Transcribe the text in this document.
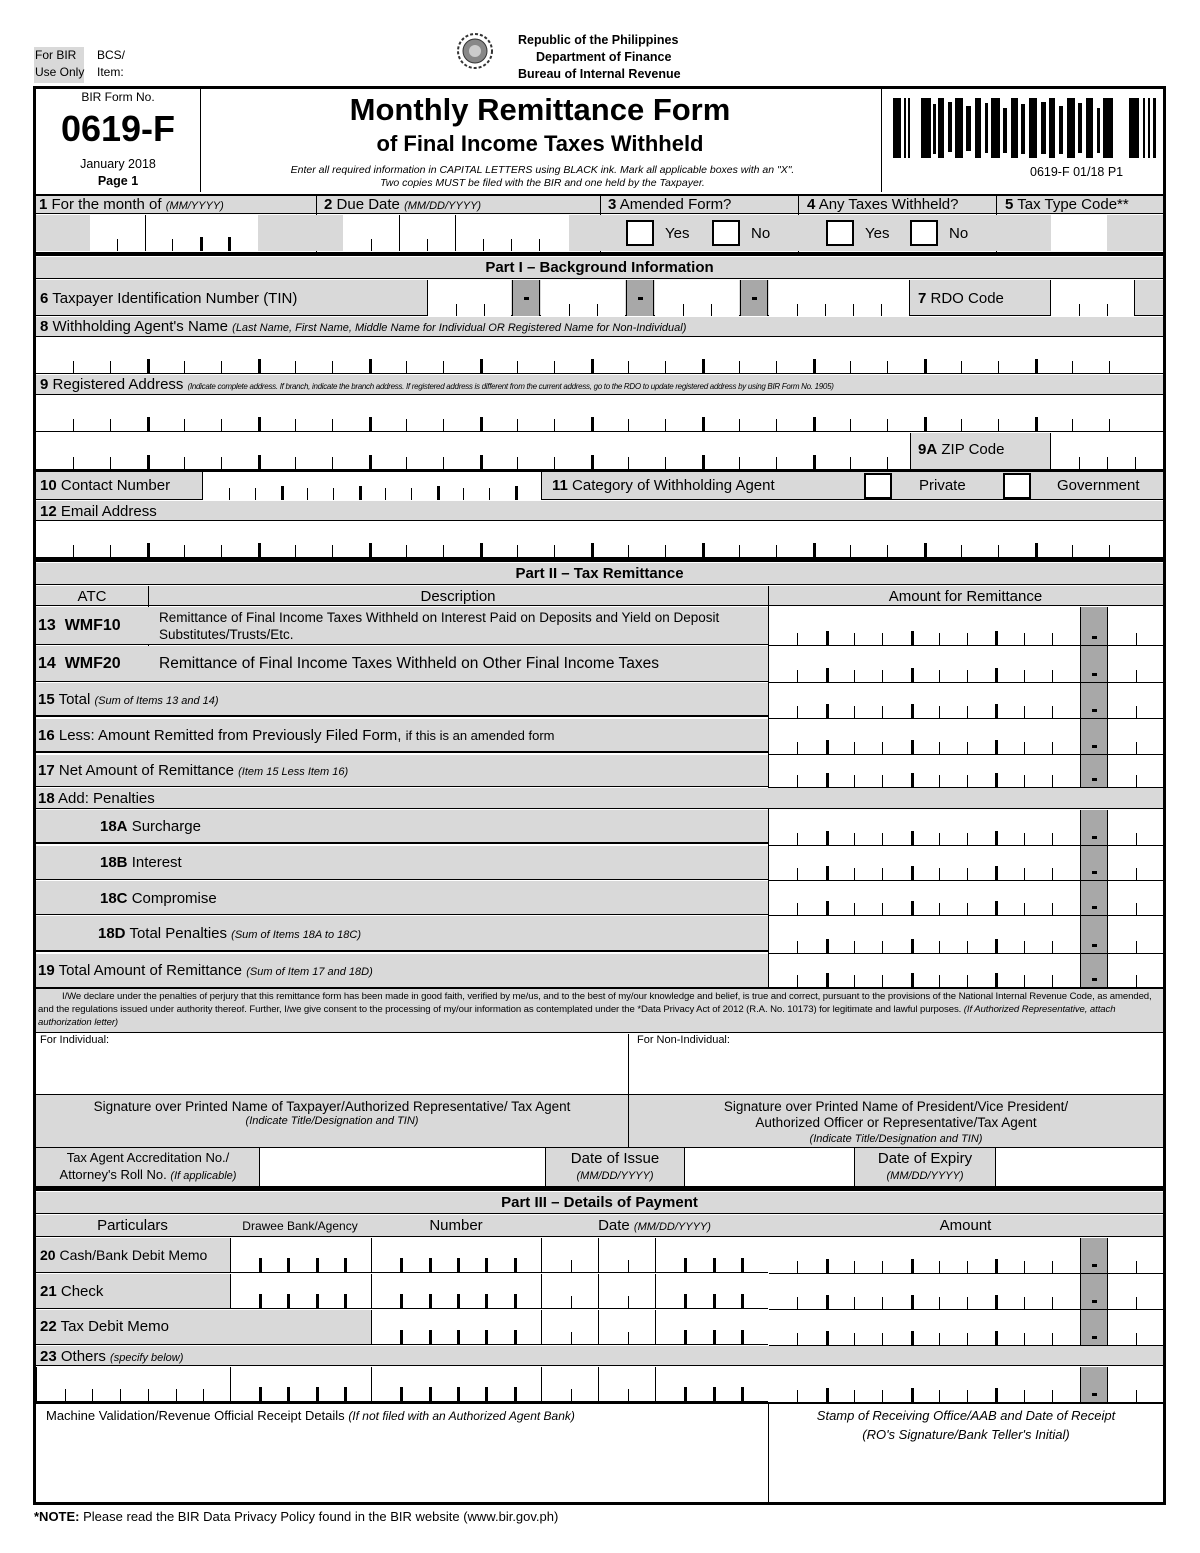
For BIR
Use Only
BCS/
Item:
Republic of the Philippines
Department of Finance
Bureau of Internal Revenue
BIR Form No.
0619-F
January 2018
Page 1
Monthly Remittance Form
of Final Income Taxes Withheld
Enter all required information in CAPITAL LETTERS using BLACK ink. Mark all applicable boxes with an "X".
Two copies MUST be filed with the BIR and one held by the Taxpayer.
0619-F 01/18 P1
1 For the month of (MM/YYYY)	2 Due Date (MM/DD/YYYY)	3 Amended Form?	4 Any Taxes Withheld?	5 Tax Type Code**
Yes	No	Yes	No
Part I – Background Information
6 Taxpayer Identification Number (TIN)	7 RDO Code
8 Withholding Agent's Name (Last Name, First Name, Middle Name for Individual OR Registered Name for Non-Individual)
9 Registered Address (Indicate complete address. If branch, indicate the branch address. If registered address is different from the current address, go to the RDO to update registered address by using BIR Form No. 1905)
9A ZIP Code
10 Contact Number	11 Category of Withholding Agent	Private	Government
12 Email Address
Part II – Tax Remittance
ATC	Description	Amount for Remittance
13 WMF10	Remittance of Final Income Taxes Withheld on Interest Paid on Deposits and Yield on Deposit Substitutes/Trusts/Etc.
14 WMF20 Remittance of Final Income Taxes Withheld on Other Final Income Taxes
15 Total (Sum of Items 13 and 14)
16 Less: Amount Remitted from Previously Filed Form, if this is an amended form
17 Net Amount of Remittance (Item 15 Less Item 16)
18 Add: Penalties
18A Surcharge
18B Interest
18C Compromise
18D Total Penalties (Sum of Items 18A to 18C)
19 Total Amount of Remittance (Sum of Item 17 and 18D)
I/We declare under the penalties of perjury that this remittance form has been made in good faith, verified by me/us, and to the best of my/our knowledge and belief, is true and correct, pursuant to the provisions of the National Internal Revenue Code, as amended, and the regulations issued under authority thereof. Further, I/we give consent to the processing of my/our information as contemplated under the *Data Privacy Act of 2012 (R.A. No. 10173) for legitimate and lawful purposes. (If Authorized Representative, attach authorization letter)
For Individual:	For Non-Individual:
Signature over Printed Name of Taxpayer/Authorized Representative/ Tax Agent
(Indicate Title/Designation and TIN)
Signature over Printed Name of President/Vice President/
Authorized Officer or Representative/Tax Agent
(Indicate Title/Designation and TIN)
Tax Agent Accreditation No./
Attorney's Roll No. (If applicable)
Date of Issue
(MM/DD/YYYY)
Date of Expiry
(MM/DD/YYYY)
Part III – Details of Payment
Particulars	Drawee Bank/Agency	Number	Date (MM/DD/YYYY)	Amount
20 Cash/Bank Debit Memo
21 Check
22 Tax Debit Memo
23 Others (specify below)
Machine Validation/Revenue Official Receipt Details (If not filed with an Authorized Agent Bank)	Stamp of Receiving Office/AAB and Date of Receipt
(RO's Signature/Bank Teller's Initial)
*NOTE: Please read the BIR Data Privacy Policy found in the BIR website (www.bir.gov.ph)
